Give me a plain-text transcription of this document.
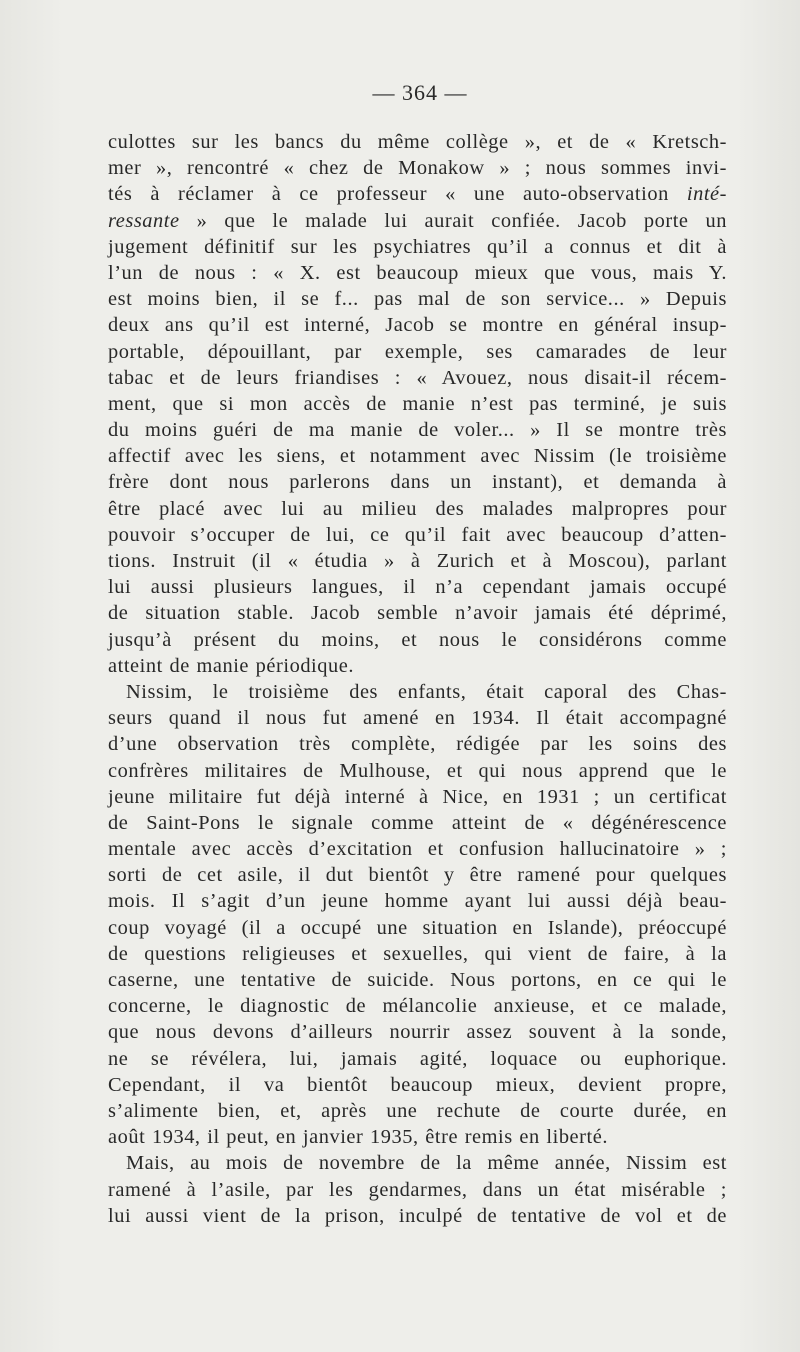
— 364 —
culottes sur les bancs du même collège », et de « Kretsch-
mer », rencontré « chez de Monakow » ; nous sommes invi-
tés à réclamer à ce professeur « une auto-observation inté-
ressante » que le malade lui aurait confiée. Jacob porte un
jugement définitif sur les psychiatres qu’il a connus et dit à
l’un de nous : « X. est beaucoup mieux que vous, mais Y.
est moins bien, il se f... pas mal de son service... » Depuis
deux ans qu’il est interné, Jacob se montre en général insup-
portable, dépouillant, par exemple, ses camarades de leur
tabac et de leurs friandises : « Avouez, nous disait-il récem-
ment, que si mon accès de manie n’est pas terminé, je suis
du moins guéri de ma manie de voler... » Il se montre très
affectif avec les siens, et notamment avec Nissim (le troisième
frère dont nous parlerons dans un instant), et demanda à
être placé avec lui au milieu des malades malpropres pour
pouvoir s’occuper de lui, ce qu’il fait avec beaucoup d’atten-
tions. Instruit (il « étudia » à Zurich et à Moscou), parlant
lui aussi plusieurs langues, il n’a cependant jamais occupé
de situation stable. Jacob semble n’avoir jamais été déprimé,
jusqu’à présent du moins, et nous le considérons comme
atteint de manie périodique.
Nissim, le troisième des enfants, était caporal des Chas-
seurs quand il nous fut amené en 1934. Il était accompagné
d’une observation très complète, rédigée par les soins des
confrères militaires de Mulhouse, et qui nous apprend que le
jeune militaire fut déjà interné à Nice, en 1931 ; un certificat
de Saint-Pons le signale comme atteint de « dégénérescence
mentale avec accès d’excitation et confusion hallucinatoire » ;
sorti de cet asile, il dut bientôt y être ramené pour quelques
mois. Il s’agit d’un jeune homme ayant lui aussi déjà beau-
coup voyagé (il a occupé une situation en Islande), préoccupé
de questions religieuses et sexuelles, qui vient de faire, à la
caserne, une tentative de suicide. Nous portons, en ce qui le
concerne, le diagnostic de mélancolie anxieuse, et ce malade,
que nous devons d’ailleurs nourrir assez souvent à la sonde,
ne se révélera, lui, jamais agité, loquace ou euphorique.
Cependant, il va bientôt beaucoup mieux, devient propre,
s’alimente bien, et, après une rechute de courte durée, en
août 1934, il peut, en janvier 1935, être remis en liberté.
Mais, au mois de novembre de la même année, Nissim est
ramené à l’asile, par les gendarmes, dans un état misérable ;
lui aussi vient de la prison, inculpé de tentative de vol et de
